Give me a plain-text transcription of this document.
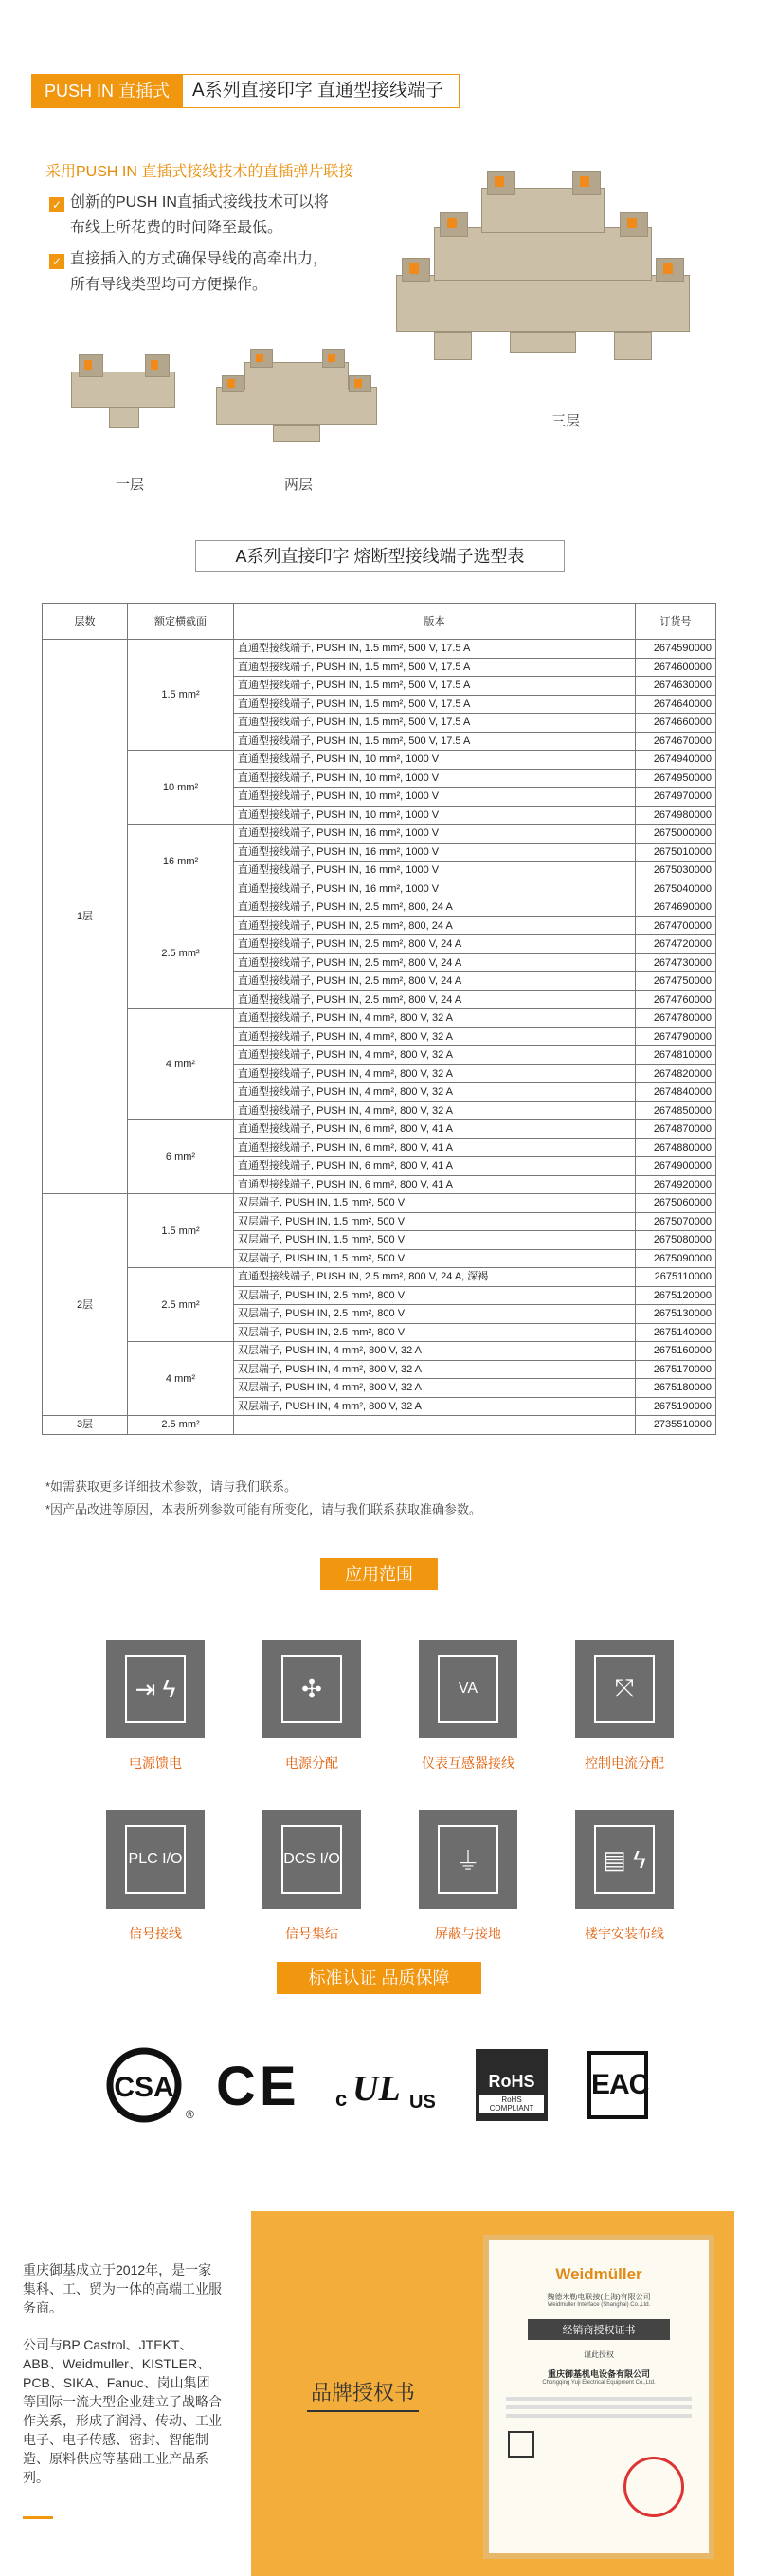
PUSH IN 直插式	A系列直接印字 直通型接线端子
采用PUSH IN 直插式接线技术的直插弹片联接
✓ 创新的PUSH IN直插式接线技术可以将
布线上所花费的时间降至最低。
✓ 直接插入的方式确保导线的高牵出力，
所有导线类型均可方便操作。
一层	两层
三层
A系列直接印字 熔断型接线端子选型表
层数	额定横截面	版本	订货号
1层	1.5 mm²	直通型接线端子, PUSH IN, 1.5 mm², 500 V, 17.5 A	2674590000
		直通型接线端子, PUSH IN, 1.5 mm², 500 V, 17.5 A	2674600000
		直通型接线端子, PUSH IN, 1.5 mm², 500 V, 17.5 A	2674630000
		直通型接线端子, PUSH IN, 1.5 mm², 500 V, 17.5 A	2674640000
		直通型接线端子, PUSH IN, 1.5 mm², 500 V, 17.5 A	2674660000
		直通型接线端子, PUSH IN, 1.5 mm², 500 V, 17.5 A	2674670000
	10 mm²	直通型接线端子, PUSH IN, 10 mm², 1000 V	2674940000
		直通型接线端子, PUSH IN, 10 mm², 1000 V	2674950000
		直通型接线端子, PUSH IN, 10 mm², 1000 V	2674970000
		直通型接线端子, PUSH IN, 10 mm², 1000 V	2674980000
	16 mm²	直通型接线端子, PUSH IN, 16 mm², 1000 V	2675000000
		直通型接线端子, PUSH IN, 16 mm², 1000 V	2675010000
		直通型接线端子, PUSH IN, 16 mm², 1000 V	2675030000
		直通型接线端子, PUSH IN, 16 mm², 1000 V	2675040000
	2.5 mm²	直通型接线端子, PUSH IN, 2.5 mm², 800, 24 A	2674690000
		直通型接线端子, PUSH IN, 2.5 mm², 800, 24 A	2674700000
		直通型接线端子, PUSH IN, 2.5 mm², 800 V, 24 A	2674720000
		直通型接线端子, PUSH IN, 2.5 mm², 800 V, 24 A	2674730000
		直通型接线端子, PUSH IN, 2.5 mm², 800 V, 24 A	2674750000
		直通型接线端子, PUSH IN, 2.5 mm², 800 V, 24 A	2674760000
	4 mm²	直通型接线端子, PUSH IN, 4 mm², 800 V, 32 A	2674780000
		直通型接线端子, PUSH IN, 4 mm², 800 V, 32 A	2674790000
		直通型接线端子, PUSH IN, 4 mm², 800 V, 32 A	2674810000
		直通型接线端子, PUSH IN, 4 mm², 800 V, 32 A	2674820000
		直通型接线端子, PUSH IN, 4 mm², 800 V, 32 A	2674840000
		直通型接线端子, PUSH IN, 4 mm², 800 V, 32 A	2674850000
	6 mm²	直通型接线端子, PUSH IN, 6 mm², 800 V, 41 A	2674870000
		直通型接线端子, PUSH IN, 6 mm², 800 V, 41 A	2674880000
		直通型接线端子, PUSH IN, 6 mm², 800 V, 41 A	2674900000
		直通型接线端子, PUSH IN, 6 mm², 800 V, 41 A	2674920000
2层	1.5 mm²	双层端子, PUSH IN, 1.5 mm², 500 V	2675060000
		双层端子, PUSH IN, 1.5 mm², 500 V	2675070000
		双层端子, PUSH IN, 1.5 mm², 500 V	2675080000
		双层端子, PUSH IN, 1.5 mm², 500 V	2675090000
	2.5 mm²	直通型接线端子, PUSH IN, 2.5 mm², 800 V, 24 A, 深褐	2675110000
		双层端子, PUSH IN, 2.5 mm², 800 V	2675120000
		双层端子, PUSH IN, 2.5 mm², 800 V	2675130000
		双层端子, PUSH IN, 2.5 mm², 800 V	2675140000
	4 mm²	双层端子, PUSH IN, 4 mm², 800 V, 32 A	2675160000
		双层端子, PUSH IN, 4 mm², 800 V, 32 A	2675170000
		双层端子, PUSH IN, 4 mm², 800 V, 32 A	2675180000
		双层端子, PUSH IN, 4 mm², 800 V, 32 A	2675190000
3层	2.5 mm²		2735510000
*如需获取更多详细技术参数，请与我们联系。
*因产品改进等原因，本表所列参数可能有所变化，请与我们联系获取准确参数。
应用范围
⇥ ϟ
电源馈电
✣
电源分配
VA
仪表互感器接线
⤧
控制电流分配
PLC I/O
信号接线
DCS I/O
信号集结
⏚
屏蔽与接地
▤ ϟ
楼宇安装布线
标准认证 品质保障
CSA
® CE c UL US
RoHS
RoHS COMPLIANT
EAC
重庆御基成立于2012年，是一家集科、工、贸为一体的高端工业服务商。
公司与BP Castrol、JTEKT、ABB、Weidmuller、KISTLER、PCB、SIKA、Fanuc、岗山集团等国际一流大型企业建立了战略合作关系，形成了润滑、传动、工业电子、电子传感、密封、智能制造、原料供应等基础工业产品系列。
品牌授权书
Weidmüller
魏德米勒电联接(上海)有限公司
Weidmuller Interface (Shanghai) Co.,Ltd.
经销商授权证书
谨此授权
重庆御基机电设备有限公司
Chongqing Yuji Electrical Equipment Co.,Ltd.
